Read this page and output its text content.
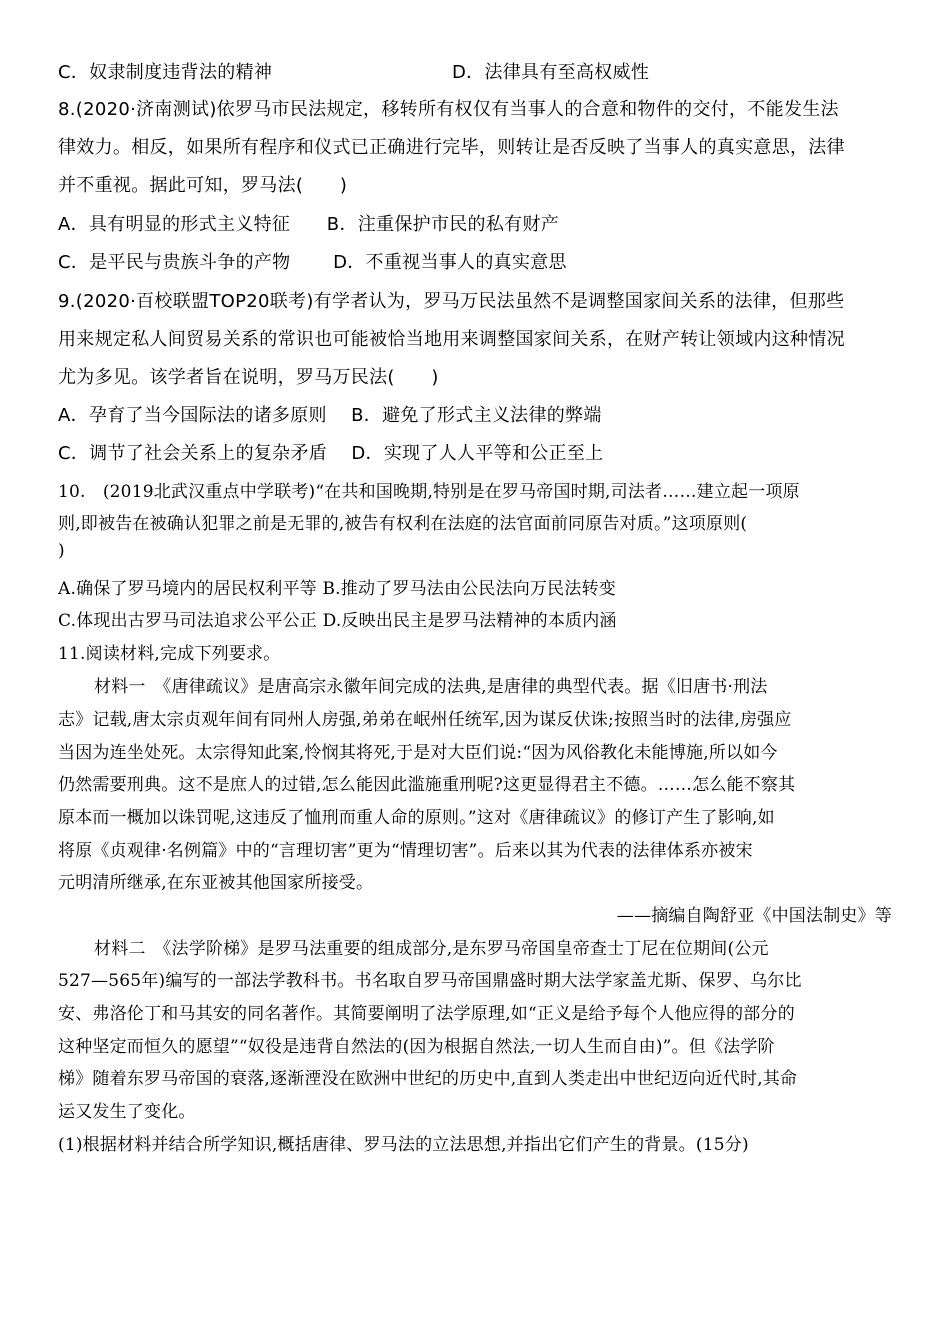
C．奴隶制度违背法的精神	D．法律具有至高权威性
8.(2020·济南测试)依罗马市民法规定，移转所有权仅有当事人的合意和物件的交付，不能发生法
律效力。相反，如果所有程序和仪式已正确进行完毕，则转让是否反映了当事人的真实意思，法律
并不重视。据此可知，罗马法(　　)
A．具有明显的形式主义特征　　B．注重保护市民的私有财产
C．是平民与贵族斗争的产物　　 D．不重视当事人的真实意思
9.(2020·百校联盟TOP20联考)有学者认为，罗马万民法虽然不是调整国家间关系的法律，但那些
用来规定私人间贸易关系的常识也可能被恰当地用来调整国家间关系，在财产转让领域内这种情况
尤为多见。该学者旨在说明，罗马万民法(　　)
A．孕育了当今国际法的诸多原则　 B．避免了形式主义法律的弊端
C．调节了社会关系上的复杂矛盾　 D．实现了人人平等和公正至上
10.　(2019北武汉重点中学联考)“在共和国晚期,特别是在罗马帝国时期,司法者……建立起一项原
则,即被告在被确认犯罪之前是无罪的,被告有权利在法庭的法官面前同原告对质。”这项原则(
)
A.确保了罗马境内的居民权利平等 B.推动了罗马法由公民法向万民法转变
C.体现出古罗马司法追求公平公正 D.反映出民主是罗马法精神的本质内涵
11.阅读材料,完成下列要求。
材料一　《唐律疏议》是唐高宗永徽年间完成的法典,是唐律的典型代表。据《旧唐书·刑法
志》记载,唐太宗贞观年间有同州人房强,弟弟在岷州任统军,因为谋反伏诛;按照当时的法律,房强应
当因为连坐处死。太宗得知此案,怜悯其将死,于是对大臣们说:“因为风俗教化未能博施,所以如今
仍然需要刑典。这不是庶人的过错,怎么能因此滥施重刑呢?这更显得君主不德。……怎么能不察其
原本而一概加以诛罚呢,这违反了恤刑而重人命的原则。”这对《唐律疏议》的修订产生了影响,如
将原《贞观律·名例篇》中的“言理切害”更为“情理切害”。后来以其为代表的法律体系亦被宋
元明清所继承,在东亚被其他国家所接受。
——摘编自陶舒亚《中国法制史》等
材料二　《法学阶梯》是罗马法重要的组成部分,是东罗马帝国皇帝查士丁尼在位期间(公元
527—565年)编写的一部法学教科书。书名取自罗马帝国鼎盛时期大法学家盖尤斯、保罗、乌尔比
安、弗洛伦丁和马其安的同名著作。其简要阐明了法学原理,如“正义是给予每个人他应得的部分的
这种坚定而恒久的愿望”“奴役是违背自然法的(因为根据自然法,一切人生而自由)”。但《法学阶
梯》随着东罗马帝国的衰落,逐渐湮没在欧洲中世纪的历史中,直到人类走出中世纪迈向近代时,其命
运又发生了变化。
(1)根据材料并结合所学知识,概括唐律、罗马法的立法思想,并指出它们产生的背景。(15分)
